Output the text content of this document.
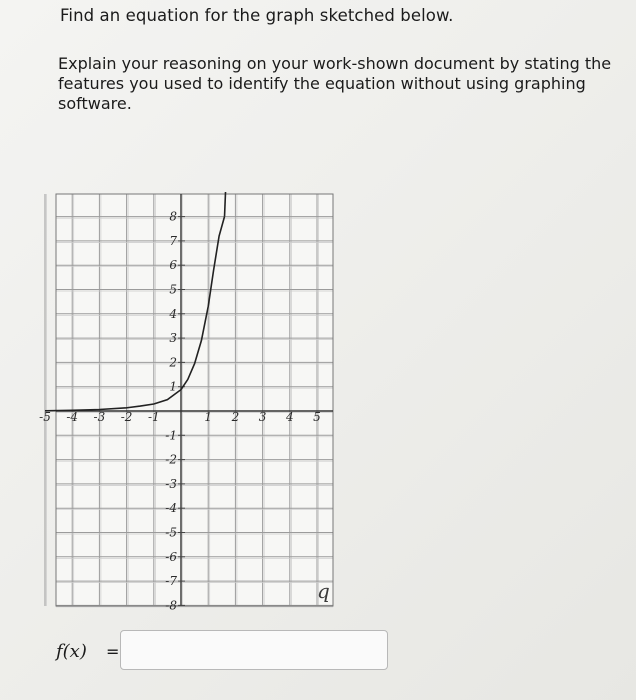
Find an equation for the graph sketched below.

Explain your reasoning on your work-shown document by stating the features you used to identify the equation without using graphing software.

-5 -4 -3 -2 -1	1 2 3 4 5
8
7
6
5
4
3
2
1
-1
-2
-3
-4
-5
-6
-7
-8
q
f(x) =
